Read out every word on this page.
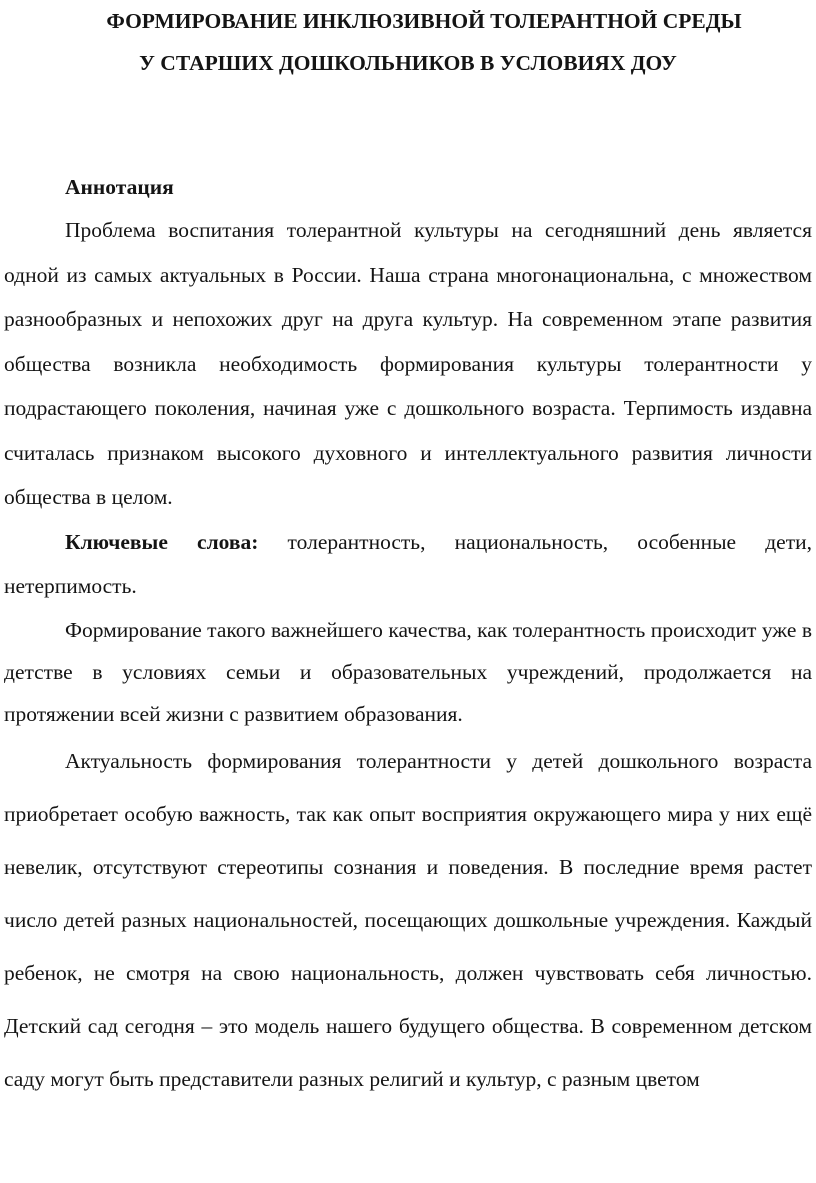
ФОРМИРОВАНИЕ ИНКЛЮЗИВНОЙ ТОЛЕРАНТНОЙ СРЕДЫ
У СТАРШИХ ДОШКОЛЬНИКОВ В УСЛОВИЯХ ДОУ
Аннотация

Проблема воспитания толерантной культуры на сегодняшний день является одной из самых актуальных в России. Наша страна многонациональна, с множеством разнообразных и непохожих друг на друга культур. На современном этапе развития общества возникла необходимость формирования культуры толерантности у подрастающего поколения, начиная уже с дошкольного возраста. Терпимость издавна считалась признаком высокого духовного и интеллектуального развития личности общества в целом.

Ключевые слова: толерантность, национальность, особенные дети, нетерпимость.

Формирование такого важнейшего качества, как толерантность происходит уже в детстве в условиях семьи и образовательных учреждений, продолжается на протяжении всей жизни с развитием образования.

Актуальность формирования толерантности у детей дошкольного возраста приобретает особую важность, так как опыт восприятия окружающего мира у них ещё невелик, отсутствуют стереотипы сознания и поведения. В последние время растет число детей разных национальностей, посещающих дошкольные учреждения. Каждый ребенок, не смотря на свою национальность, должен чувствовать себя личностью. Детский сад сегодня – это модель нашего будущего общества. В современном детском саду могут быть представители разных религий и культур, с разным цветом
